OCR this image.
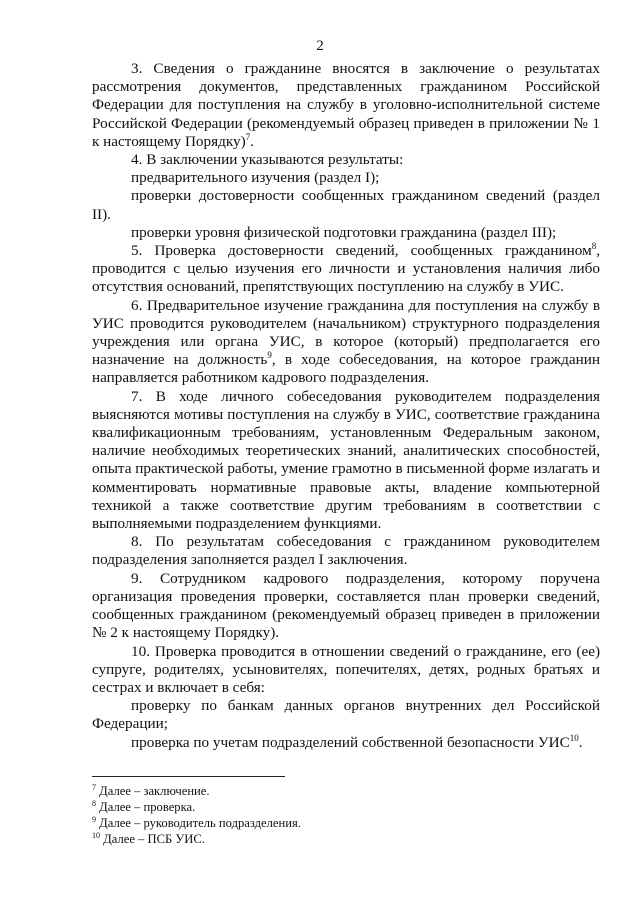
2

3. Сведения о гражданине вносятся в заключение о результатах рассмотрения документов, представленных гражданином Российской Федерации для поступления на службу в уголовно-исполнительной системе Российской Федерации (рекомендуемый образец приведен в приложении № 1 к настоящему Порядку)$^7$.

4. В заключении указываются результаты:

предварительного изучения (раздел I);

проверки достоверности сообщенных гражданином сведений (раздел II).

проверки уровня физической подготовки гражданина (раздел III);

5. Проверка достоверности сведений, сообщенных гражданином$^8$, проводится с целью изучения его личности и установления наличия либо отсутствия оснований, препятствующих поступлению на службу в УИС.

6. Предварительное изучение гражданина для поступления на службу в УИС проводится руководителем (начальником) структурного подразделения учреждения или органа УИС, в которое (который) предполагается его назначение на должность$^9$, в ходе собеседования, на которое гражданин направляется работником кадрового подразделения.

7. В ходе личного собеседования руководителем подразделения выясняются мотивы поступления на службу в УИС, соответствие гражданина квалификационным требованиям, установленным Федеральным законом, наличие необходимых теоретических знаний, аналитических способностей, опыта практической работы, умение грамотно в письменной форме излагать и комментировать нормативные правовые акты, владение компьютерной техникой а также соответствие другим требованиям в соответствии с выполняемыми подразделением функциями.

8. По результатам собеседования с гражданином руководителем подразделения заполняется раздел I заключения.

9. Сотрудником кадрового подразделения, которому поручена организация проведения проверки, составляется план проверки сведений, сообщенных гражданином (рекомендуемый образец приведен в приложении № 2 к настоящему Порядку).

10. Проверка проводится в отношении сведений о гражданине, его (ее) супруге, родителях, усыновителях, попечителях, детях, родных братьях и сестрах и включает в себя:

проверку по банкам данных органов внутренних дел Российской Федерации;

проверка по учетам подразделений собственной безопасности УИС$^{10}$.

$^7$ Далее – заключение.

$^8$ Далее – проверка.

$^9$ Далее – руководитель подразделения.

$^{10}$ Далее – ПСБ УИС.
